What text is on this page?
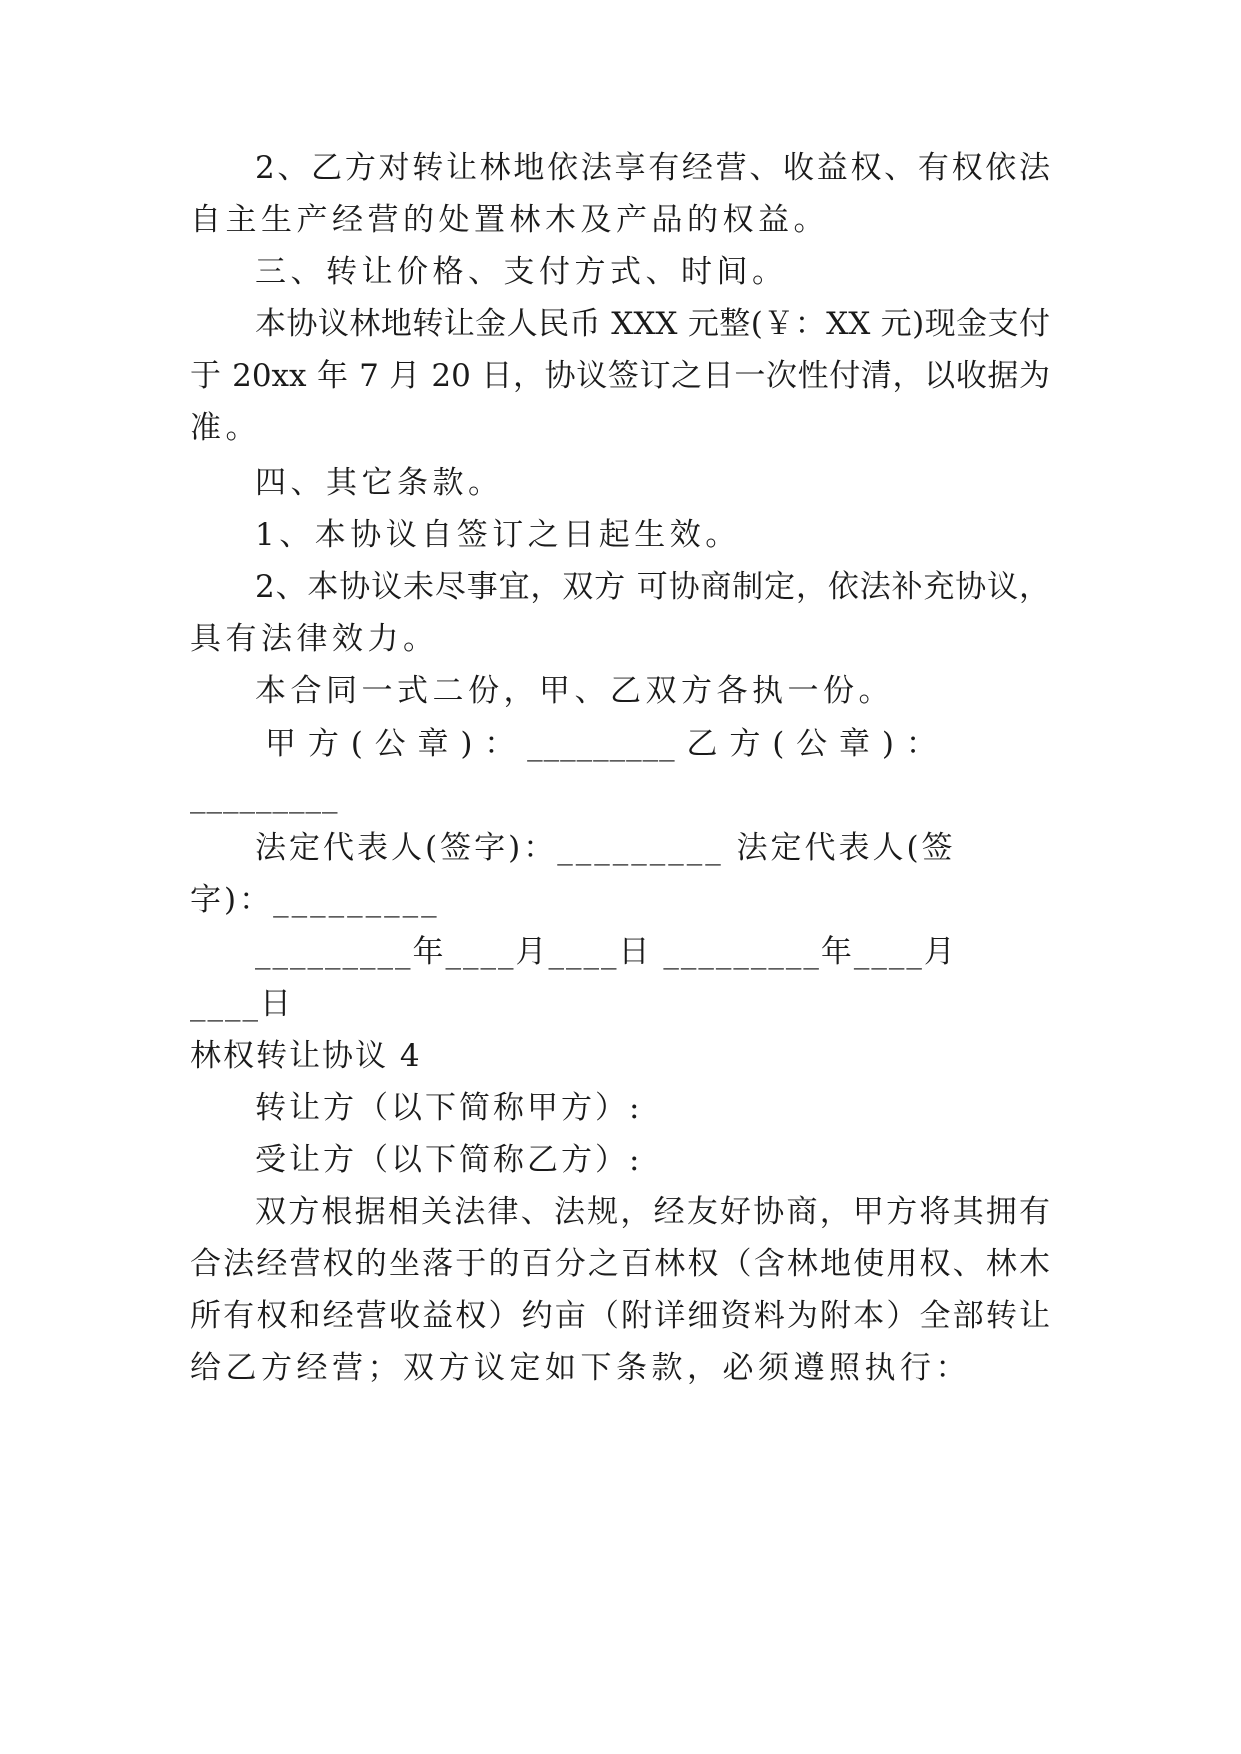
2、乙方对转让林地依法享有经营、收益权、有权依法
自主生产经营的处置林木及产品的权益。
三、转让价格、支付方式、时间。
本协议林地转让金人民币 XXX 元整(￥：XX 元)现金支付
于 20xx 年 7 月 20 日，协议签订之日一次性付清，以收据为
准。
四、其它条款。
1、本协议自签订之日起生效。
2、本协议未尽事宜，双方 可协商制定，依法补充协议，
具有法律效力。
本合同一式二份，甲、乙双方各执一份。
甲 方 ( 公 章 ) ： _________ 乙 方 ( 公 章 ) ：
_________
法定代表人(签字)：_________ 法定代表人(签
字)：_________
_________年____月____日 _________年____月
____日
林权转让协议 4
转让方（以下简称甲方）:
受让方（以下简称乙方）:
双方根据相关法律、法规，经友好协商，甲方将其拥有
合法经营权的坐落于的百分之百林权（含林地使用权、林木
所有权和经营收益权）约亩（附详细资料为附本）全部转让
给乙方经营；双方议定如下条款，必须遵照执行：
